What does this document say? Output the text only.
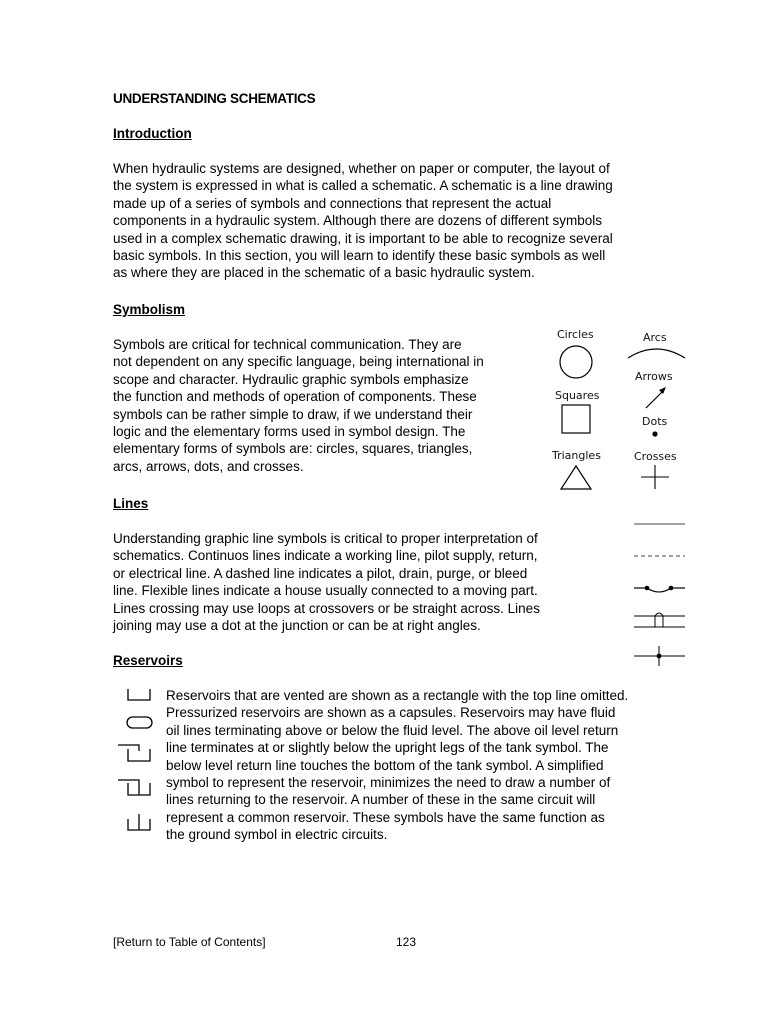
UNDERSTANDING SCHEMATICS
Introduction
When hydraulic systems are designed, whether on paper or computer, the layout of
the system is expressed in what is called a schematic. A schematic is a line drawing
made up of a series of symbols and connections that represent the actual
components in a hydraulic system. Although there are dozens of different symbols
used in a complex schematic drawing, it is important to be able to recognize several
basic symbols. In this section, you will learn to identify these basic symbols as well
as where they are placed in the schematic of a basic hydraulic system.
Symbolism
Symbols are critical for technical communication. They are
not dependent on any specific language, being international in
scope and character. Hydraulic graphic symbols emphasize
the function and methods of operation of components. These
symbols can be rather simple to draw, if we understand their
logic and the elementary forms used in symbol design. The
elementary forms of symbols are: circles, squares, triangles,
arcs, arrows, dots, and crosses.
Circles	Arcs
Arrows
Squares
Dots
Triangles	Crosses
Lines
Understanding graphic line symbols is critical to proper interpretation of
schematics. Continuos lines indicate a working line, pilot supply, return,
or electrical line. A dashed line indicates a pilot, drain, purge, or bleed
line. Flexible lines indicate a house usually connected to a moving part.
Lines crossing may use loops at crossovers or be straight across. Lines
joining may use a dot at the junction or can be at right angles.
Reservoirs
Reservoirs that are vented are shown as a rectangle with the top line omitted.
Pressurized reservoirs are shown as a capsules. Reservoirs may have fluid
oil lines terminating above or below the fluid level. The above oil level return
line terminates at or slightly below the upright legs of the tank symbol. The
below level return line touches the bottom of the tank symbol. A simplified
symbol to represent the reservoir, minimizes the need to draw a number of
lines returning to the reservoir. A number of these in the same circuit will
represent a common reservoir. These symbols have the same function as
the ground symbol in electric circuits.
[Return to Table of Contents]	123
